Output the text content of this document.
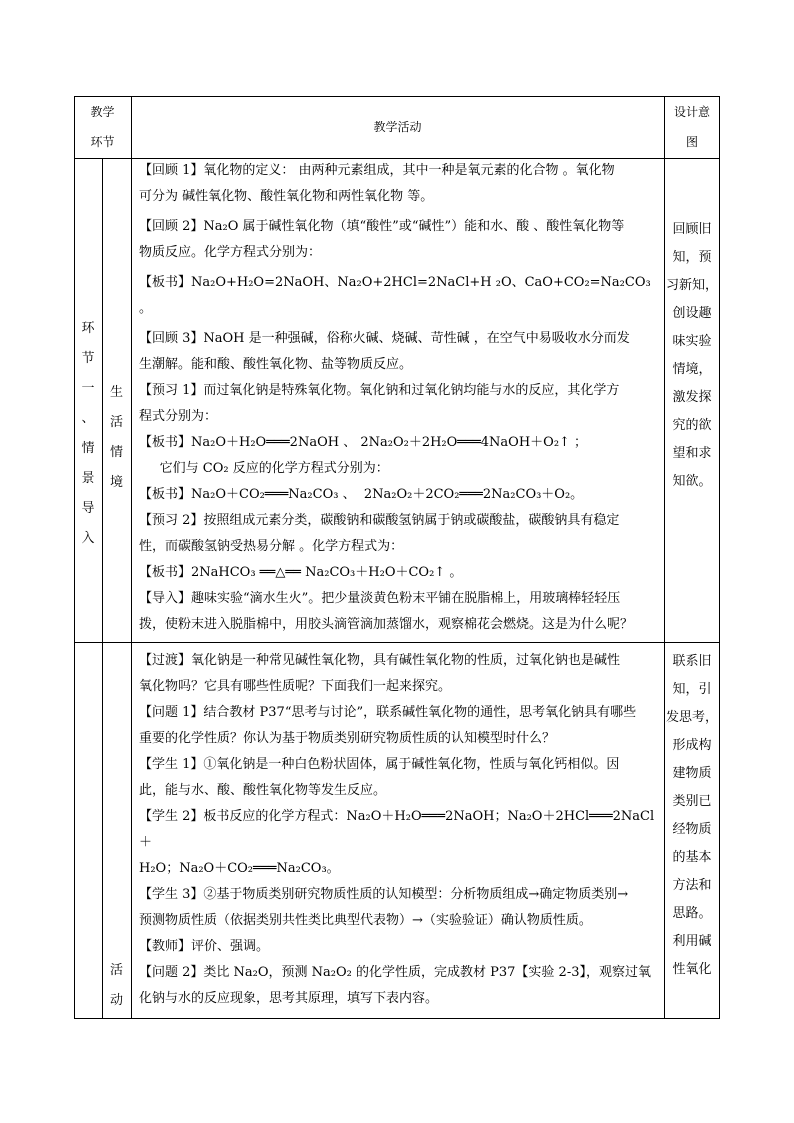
教学
环节
教学活动
设计意
图
环
节
一
、
情
景
导
入
生
活
情
境

【回顾 1】氧化物的定义： 由两种元素组成，其中一种是氧元素的化合物 。氧化物

可分为 碱性氧化物、酸性氧化物和两性氧化物 等。

【回顾 2】Na₂O 属于碱性氧化物（填“酸性”或“碱性”）能和水、酸 、酸性氧化物等

物质反应。化学方程式分别为：

【板书】Na₂O+H₂O=2NaOH、Na₂O+2HCl=2NaCl+H ₂O、CaO+CO₂=Na₂CO₃ 。

【回顾 3】NaOH 是一种强碱，俗称火碱、烧碱、苛性碱 ，在空气中易吸收水分而发

生潮解。能和酸、酸性氧化物、盐等物质反应。

【预习 1】而过氧化钠是特殊氧化物。氧化钠和过氧化钠均能与水的反应，其化学方

程式分别为：

【板书】Na₂O＋H₂O═══2NaOH 、 2Na₂O₂＋2H₂O═══4NaOH＋O₂↑ ；

它们与 CO₂ 反应的化学方程式分别为：

【板书】Na₂O＋CO₂═══Na₂CO₃ 、  2Na₂O₂＋2CO₂═══2Na₂CO₃＋O₂。

【预习 2】按照组成元素分类，碳酸钠和碳酸氢钠属于钠或碳酸盐，碳酸钠具有稳定

性，而碳酸氢钠受热易分解 。化学方程式为：

【板书】2NaHCO₃ ══△══ Na₂CO₃＋H₂O＋CO₂↑ 。

【导入】趣味实验“滴水生火”。把少量淡黄色粉末平铺在脱脂棉上，用玻璃棒轻轻压

拨，使粉末进入脱脂棉中，用胶头滴管滴加蒸馏水，观察棉花会燃烧。这是为什么呢？

回顾旧
知，预
习新知，
创设趣
味实验
情境，
激发探
究的欲
望和求
知欲。
活
动

【过渡】氧化钠是一种常见碱性氧化物，具有碱性氧化物的性质，过氧化钠也是碱性

氧化物吗？它具有哪些性质呢？下面我们一起来探究。

【问题 1】结合教材 P37“思考与讨论”，联系碱性氧化物的通性，思考氧化钠具有哪些

重要的化学性质？你认为基于物质类别研究物质性质的认知模型时什么？

【学生 1】①氧化钠是一种白色粉状固体，属于碱性氧化物，性质与氧化钙相似。因

此，能与水、酸、酸性氧化物等发生反应。

【学生 2】板书反应的化学方程式：Na₂O＋H₂O═══2NaOH；Na₂O＋2HCl═══2NaCl＋

H₂O；Na₂O＋CO₂═══Na₂CO₃。

【学生 3】②基于物质类别研究物质性质的认知模型：分析物质组成→确定物质类别→

预测物质性质（依据类别共性类比典型代表物）→（实验验证）确认物质性质。

【教师】评价、强调。

【问题 2】类比 Na₂O，预测 Na₂O₂ 的化学性质，完成教材 P37【实验 2-3】，观察过氧

化钠与水的反应现象，思考其原理，填写下表内容。

联系旧
知，引
发思考，
形成构
建物质
类别已
经物质
的基本
方法和
思路。
利用碱
性氧化
